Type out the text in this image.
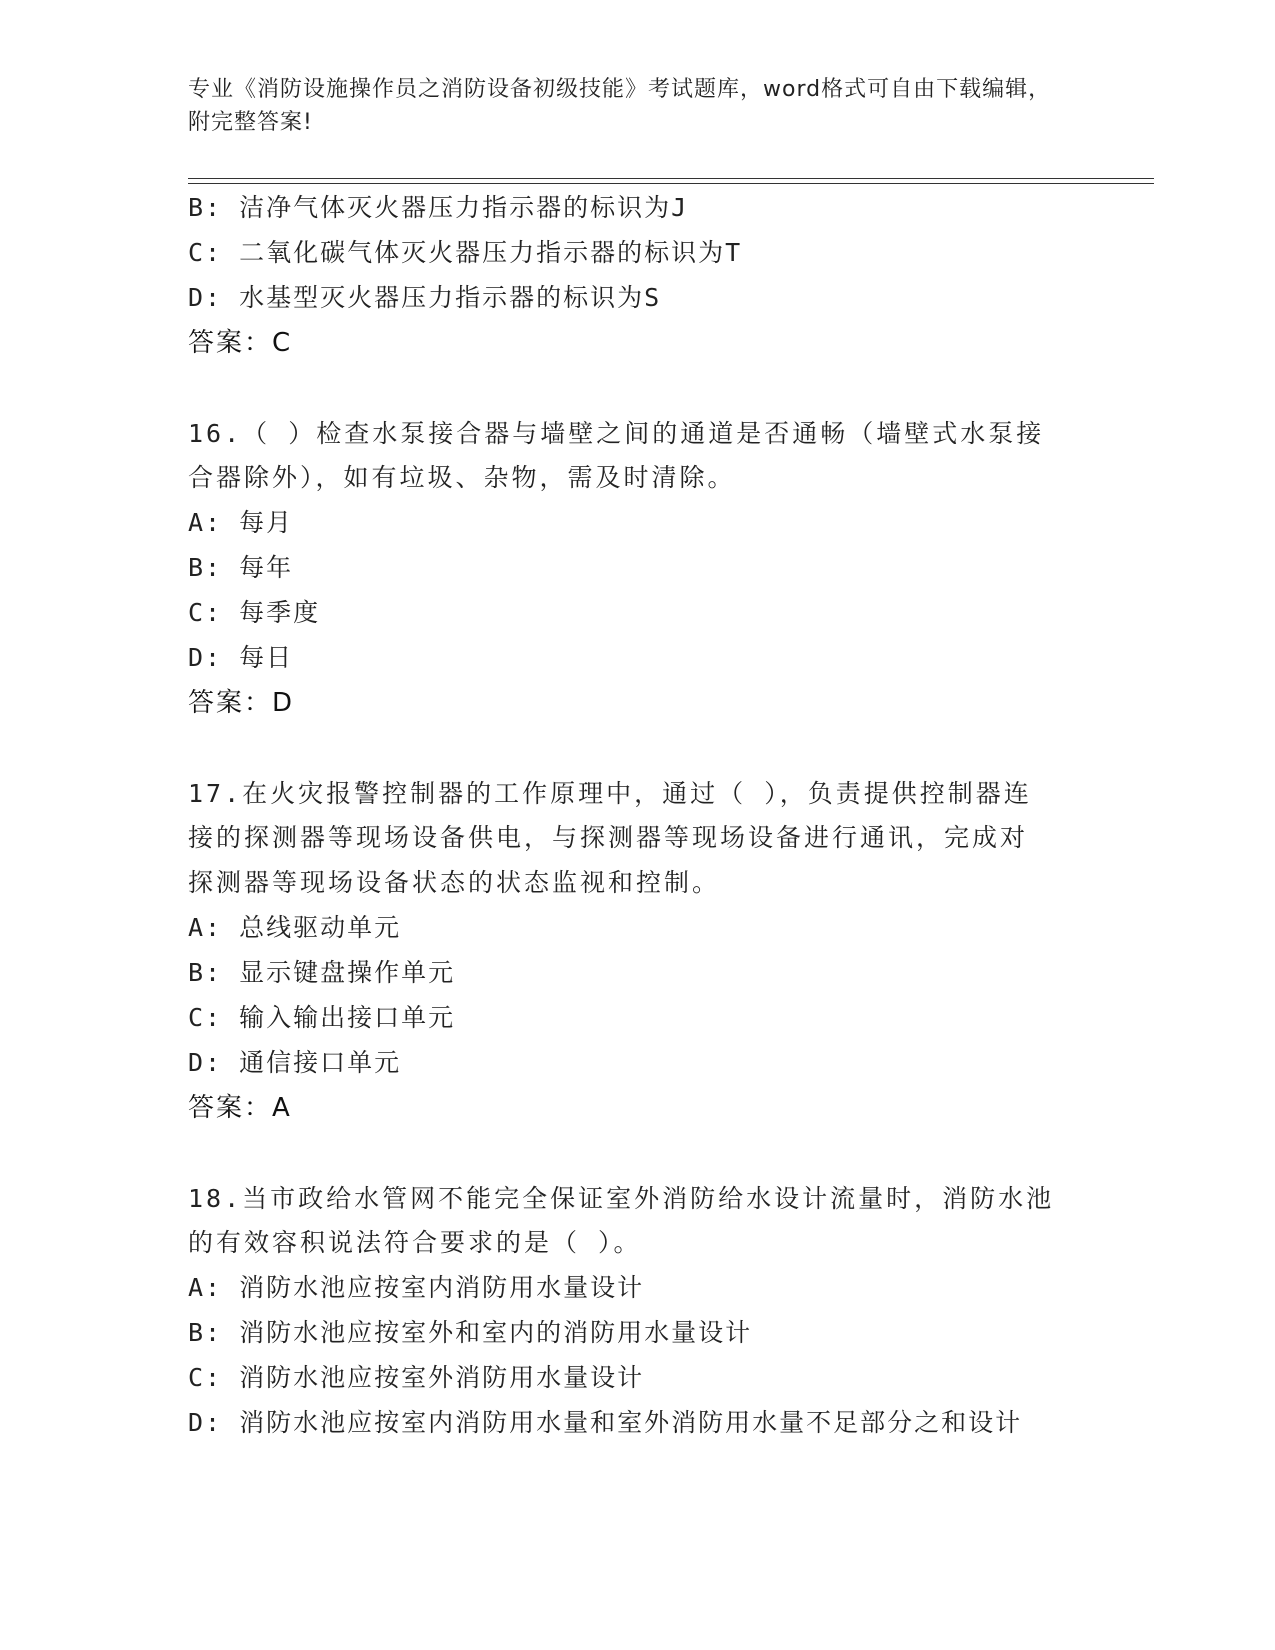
专业《消防设施操作员之消防设备初级技能》考试题库，word格式可自由下载编辑，附完整答案!
B: 洁净气体灭火器压力指示器的标识为J
C: 二氧化碳气体灭火器压力指示器的标识为T
D: 水基型灭火器压力指示器的标识为S
答案：C
16.（ ）检查水泵接合器与墙壁之间的通道是否通畅（墙壁式水泵接
合器除外），如有垃圾、杂物，需及时清除。
A: 每月
B: 每年
C: 每季度
D: 每日
答案：D
17.在火灾报警控制器的工作原理中，通过（ ），负责提供控制器连
接的探测器等现场设备供电，与探测器等现场设备进行通讯，完成对
探测器等现场设备状态的状态监视和控制。
A: 总线驱动单元
B: 显示键盘操作单元
C: 输入输出接口单元
D: 通信接口单元
答案：A
18.当市政给水管网不能完全保证室外消防给水设计流量时，消防水池
的有效容积说法符合要求的是（ ）。
A: 消防水池应按室内消防用水量设计
B: 消防水池应按室外和室内的消防用水量设计
C: 消防水池应按室外消防用水量设计
D: 消防水池应按室内消防用水量和室外消防用水量不足部分之和设计
